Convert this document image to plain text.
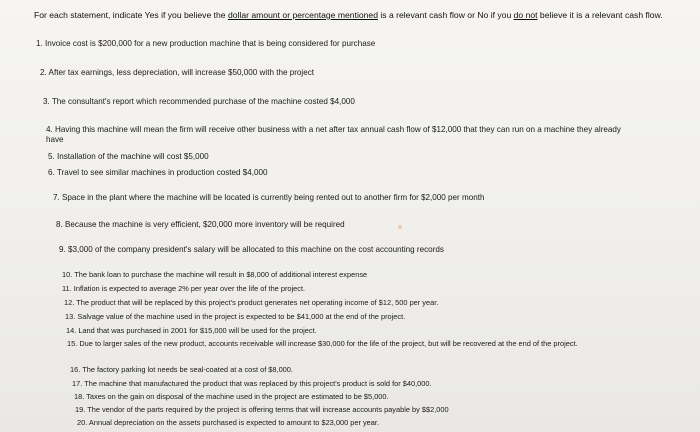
For each statement, indicate Yes if you believe the dollar amount or percentage mentioned is a relevant cash flow or No if you do not believe it is a relevant cash flow.
1. Invoice cost is $200,000 for a new production machine that is being considered for purchase
2. After tax earnings, less depreciation, will increase $50,000 with the project
3. The consultant's report which recommended purchase of the machine costed $4,000
4. Having this machine will mean the firm will receive other business with a net after tax annual cash flow of $12,000 that they can run on a machine they already have
5. Installation of the machine will cost $5,000
6. Travel to see similar machines in production costed $4,000
7. Space in the plant where the machine will be located is currently being rented out to another firm for $2,000 per month
8. Because the machine is very efficient, $20,000 more inventory will be required
9. $3,000 of the company president's salary will be allocated to this machine on the cost accounting records
10. The bank loan to purchase the machine will result in $8,000 of additional interest expense
11. Inflation is expected to average 2% per year over the life of the project.
12. The product that will be replaced by this project's product generates net operating income of $12, 500 per year.
13. Salvage value of the machine used in the project is expected to be $41,000 at the end of the project.
14. Land that was purchased in 2001 for $15,000 will be used for the project.
15. Due to larger sales of the new product, accounts receivable will increase $30,000 for the life of the project, but will be recovered at the end of the project.
16. The factory parking lot needs be seal-coated at a cost of $8,000.
17. The machine that manufactured the product that was replaced by this project's product is sold for $40,000.
18. Taxes on the gain on disposal of the machine used in the project are estimated to be $5,000.
19. The vendor of the parts required by the project is offering terms that will increase accounts payable by $$2,000
20. Annual depreciation on the assets purchased is expected to amount to $23,000 per year.
